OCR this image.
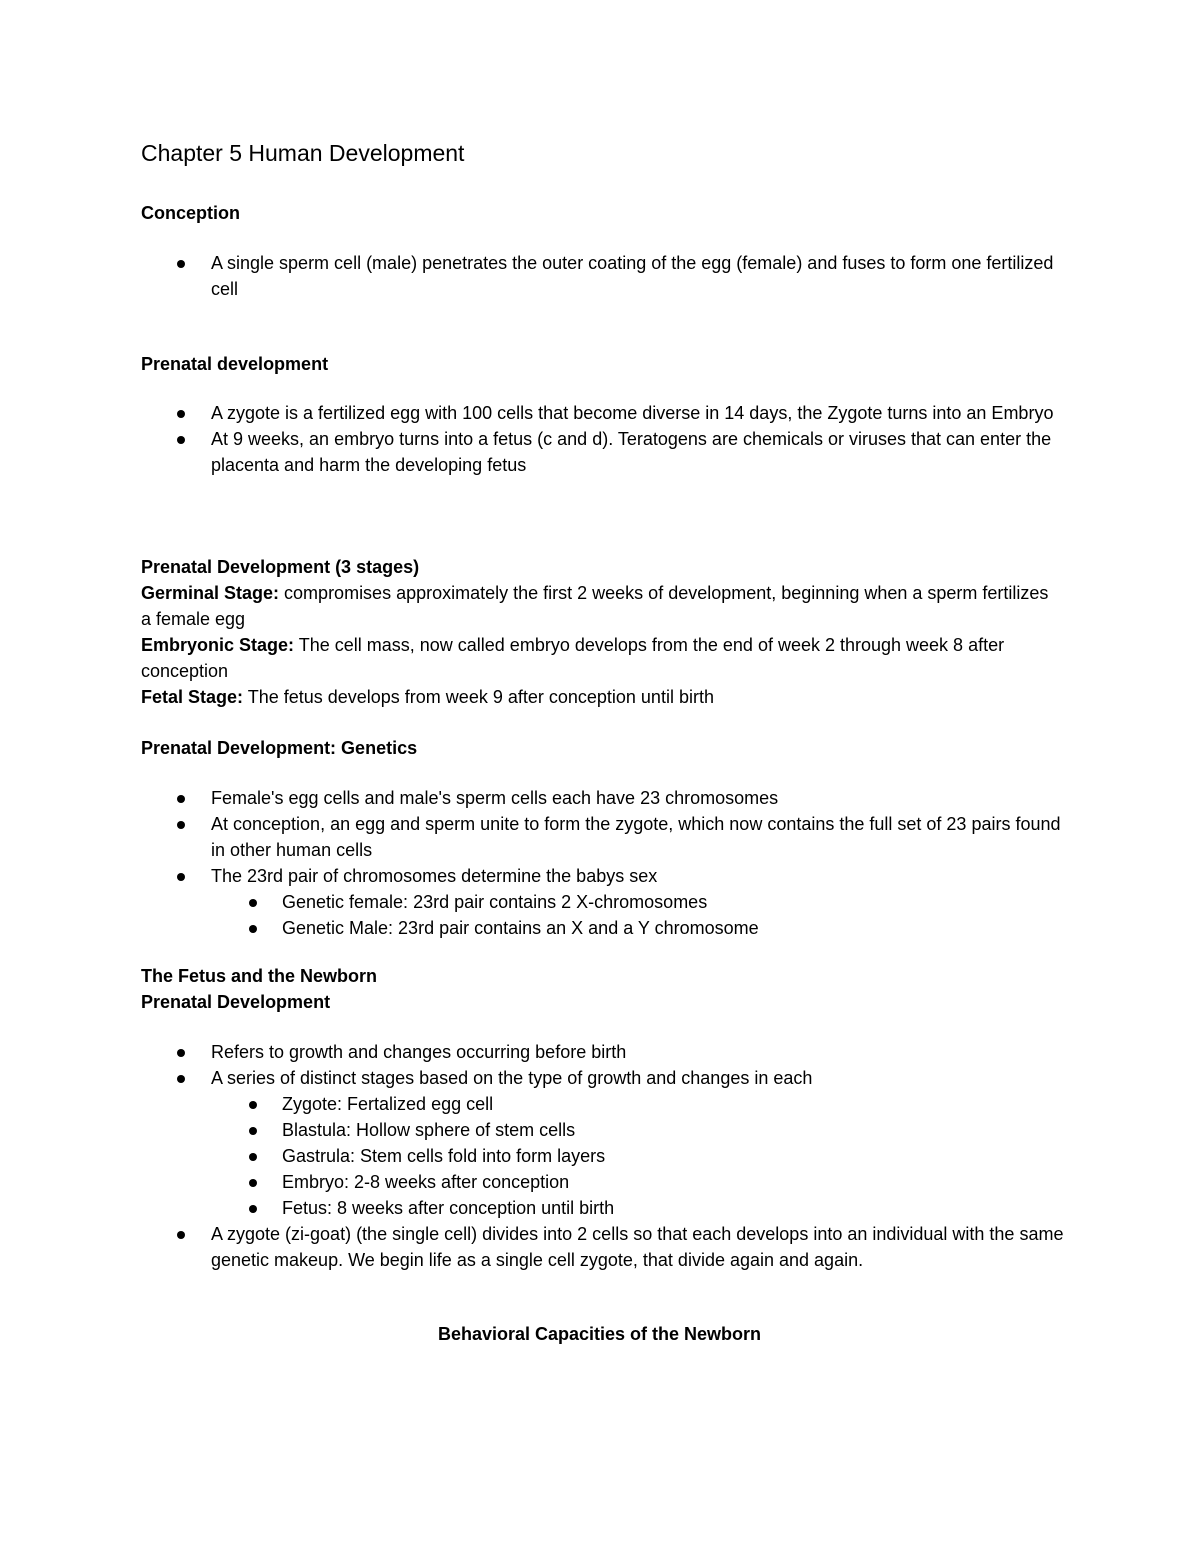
Chapter 5 Human Development
Conception
A single sperm cell (male) penetrates the outer coating of the egg (female) and fuses to form one fertilized cell
Prenatal development
A zygote is a fertilized egg with 100 cells that become diverse in 14 days, the Zygote turns into an Embryo
At 9 weeks, an embryo turns into a fetus (c and d). Teratogens are chemicals or viruses that can enter the placenta and harm the developing fetus
Prenatal Development (3 stages)

Germinal Stage: compromises approximately the first 2 weeks of development, beginning when a sperm fertilizes a female egg

Embryonic Stage: The cell mass, now called embryo develops from the end of week 2 through week 8 after conception

Fetal Stage: The fetus develops from week 9 after conception until birth

Prenatal Development: Genetics
Female's egg cells and male's sperm cells each have 23 chromosomes
At conception, an egg and sperm unite to form the zygote, which now contains the full set of 23 pairs found in other human cells
The 23rd pair of chromosomes determine the babys sex
Genetic female: 23rd pair contains 2 X-chromosomes
Genetic Male: 23rd pair contains an X and a Y chromosome
The Fetus and the Newborn
Prenatal Development
Refers to growth and changes occurring before birth
A series of distinct stages based on the type of growth and changes in each
Zygote: Fertalized egg cell
Blastula: Hollow sphere of stem cells
Gastrula: Stem cells fold into form layers
Embryo: 2-8 weeks after conception
Fetus: 8 weeks after conception until birth
A zygote (zi-goat) (the single cell) divides into 2 cells so that each develops into an individual with the same genetic makeup. We begin life as a single cell zygote, that divide again and again.
Behavioral Capacities of the Newborn
